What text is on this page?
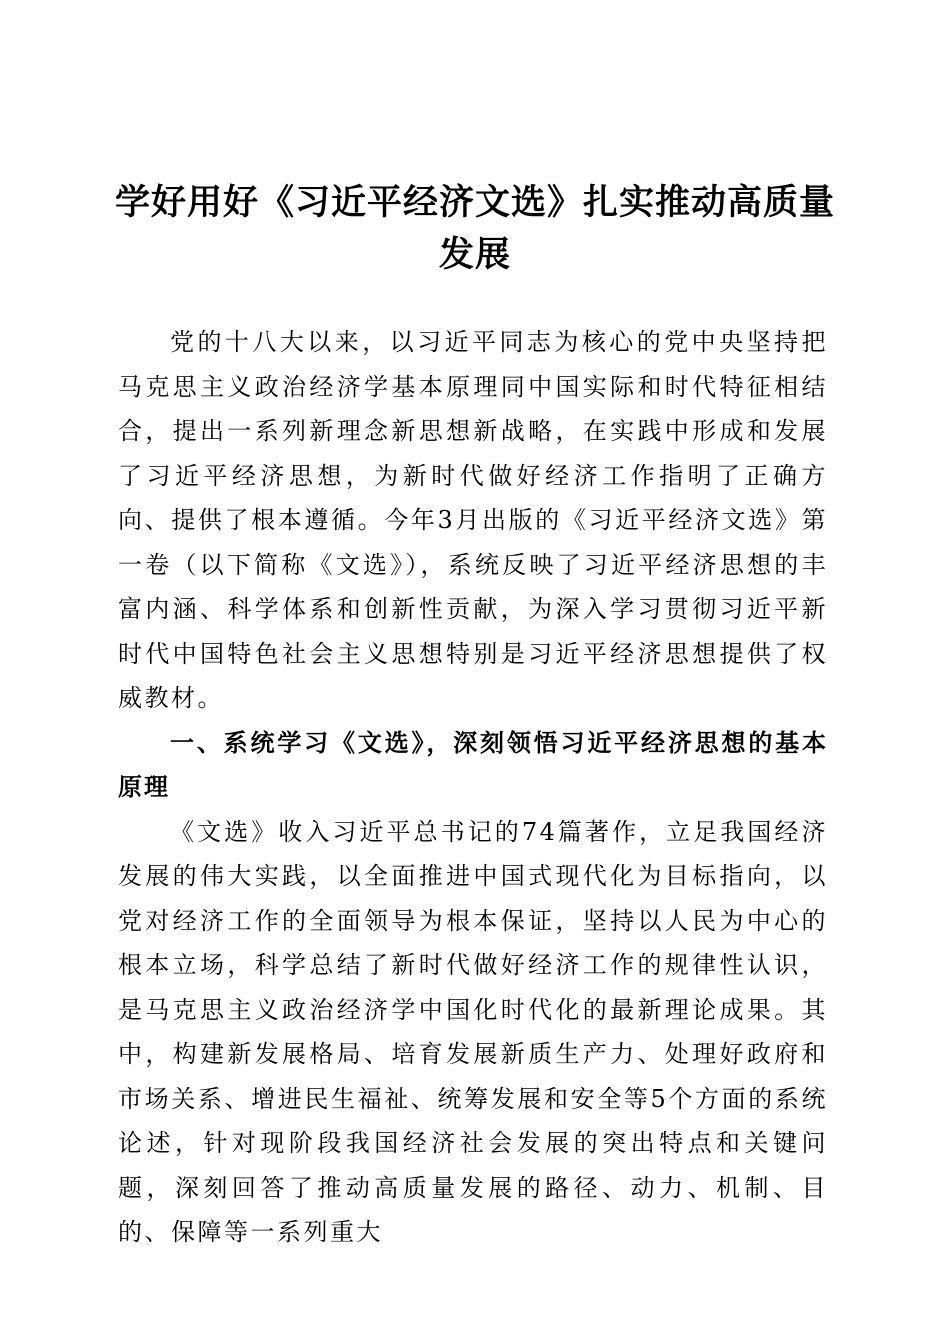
学好用好《习近平经济文选》扎实推动高质量发展

党的十八大以来，以习近平同志为核心的党中央坚持把马克思主义政治经济学基本原理同中国实际和时代特征相结合，提出一系列新理念新思想新战略，在实践中形成和发展了习近平经济思想，为新时代做好经济工作指明了正确方向、提供了根本遵循。今年3月出版的《习近平经济文选》第一卷（以下简称《文选》），系统反映了习近平经济思想的丰富内涵、科学体系和创新性贡献，为深入学习贯彻习近平新时代中国特色社会主义思想特别是习近平经济思想提供了权威教材。

一、系统学习《文选》，深刻领悟习近平经济思想的基本原理

《文选》收入习近平总书记的74篇著作，立足我国经济发展的伟大实践，以全面推进中国式现代化为目标指向，以党对经济工作的全面领导为根本保证，坚持以人民为中心的根本立场，科学总结了新时代做好经济工作的规律性认识，是马克思主义政治经济学中国化时代化的最新理论成果。其中，构建新发展格局、培育发展新质生产力、处理好政府和市场关系、增进民生福祉、统筹发展和安全等5个方面的系统论述，针对现阶段我国经济社会发展的突出特点和关键问题，深刻回答了推动高质量发展的路径、动力、机制、目的、保障等一系列重大
